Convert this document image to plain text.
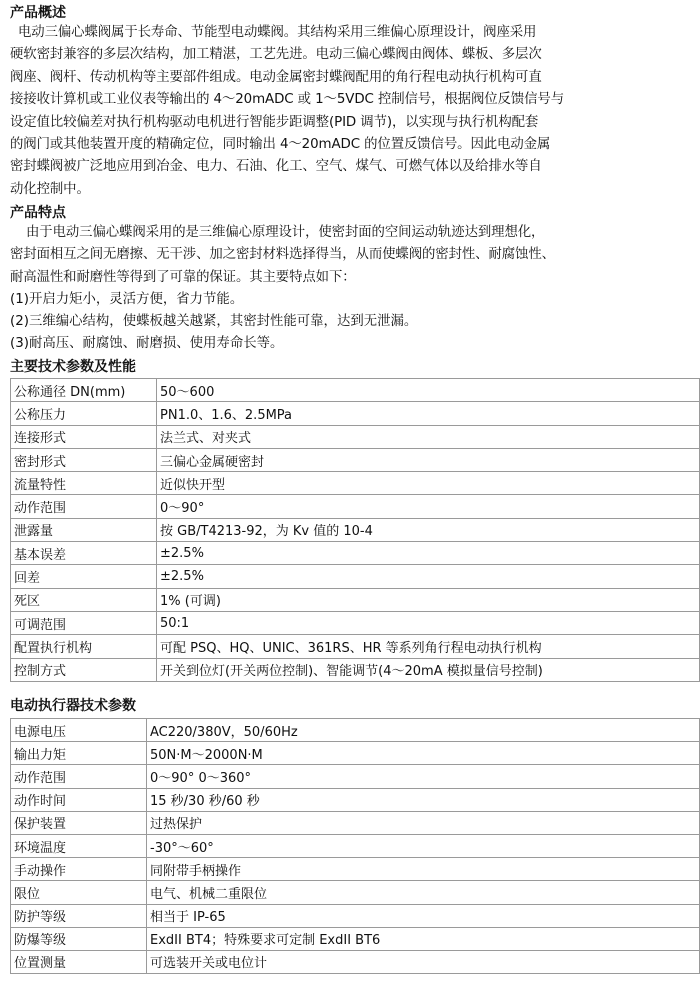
产品概述
电动三偏心蝶阀属于长寿命、节能型电动蝶阀。其结构采用三维偏心原理设计，阀座采用
硬软密封兼容的多层次结构，加工精湛，工艺先进。电动三偏心蝶阀由阀体、蝶板、多层次
阀座、阀杆、传动机构等主要部件组成。电动金属密封蝶阀配用的角行程电动执行机构可直
接接收计算机或工业仪表等输出的 4～20mADC 或 1～5VDC 控制信号，根据阀位反馈信号与
设定值比较偏差对执行机构驱动电机进行智能步距调整(PID 调节)，以实现与执行机构配套
的阀门或其他装置开度的精确定位，同时输出 4～20mADC 的位置反馈信号。因此电动金属
密封蝶阀被广泛地应用到冶金、电力、石油、化工、空气、煤气、可燃气体以及给排水等自
动化控制中。
产品特点
由于电动三偏心蝶阀采用的是三维偏心原理设计，使密封面的空间运动轨迹达到理想化，
密封面相互之间无磨擦、无干涉、加之密封材料选择得当，从而使蝶阀的密封性、耐腐蚀性、
耐高温性和耐磨性等得到了可靠的保证。其主要特点如下：
(1)开启力矩小，灵活方便，省力节能。
(2)三维编心结构，使蝶板越关越紧，其密封性能可靠，达到无泄漏。
(3)耐高压、耐腐蚀、耐磨损、使用寿命长等。
主要技术参数及性能
公称通径 DN(mm)	50～600
公称压力	PN1.0、1.6、2.5MPa
连接形式	法兰式、对夹式
密封形式	三偏心金属硬密封
流量特性	近似快开型
动作范围	0～90°
泄露量	按 GB/T4213-92，为 Kv 值的 10-4
基本误差	±2.5%
回差	±2.5%
死区	1% (可调)
可调范围	50:1
配置执行机构	可配 PSQ、HQ、UNIC、361RS、HR 等系列角行程电动执行机构
控制方式	开关到位灯(开关两位控制)、智能调节(4～20mA 模拟量信号控制)
电动执行器技术参数
电源电压	AC220/380V，50/60Hz
输出力矩	50N·M～2000N·M
动作范围	0～90° 0～360°
动作时间	15 秒/30 秒/60 秒
保护装置	过热保护
环境温度	-30°～60°
手动操作	同附带手柄操作
限位	电气、机械二重限位
防护等级	相当于 IP-65
防爆等级	ExdII BT4；特殊要求可定制 ExdII BT6
位置测量	可选装开关或电位计
